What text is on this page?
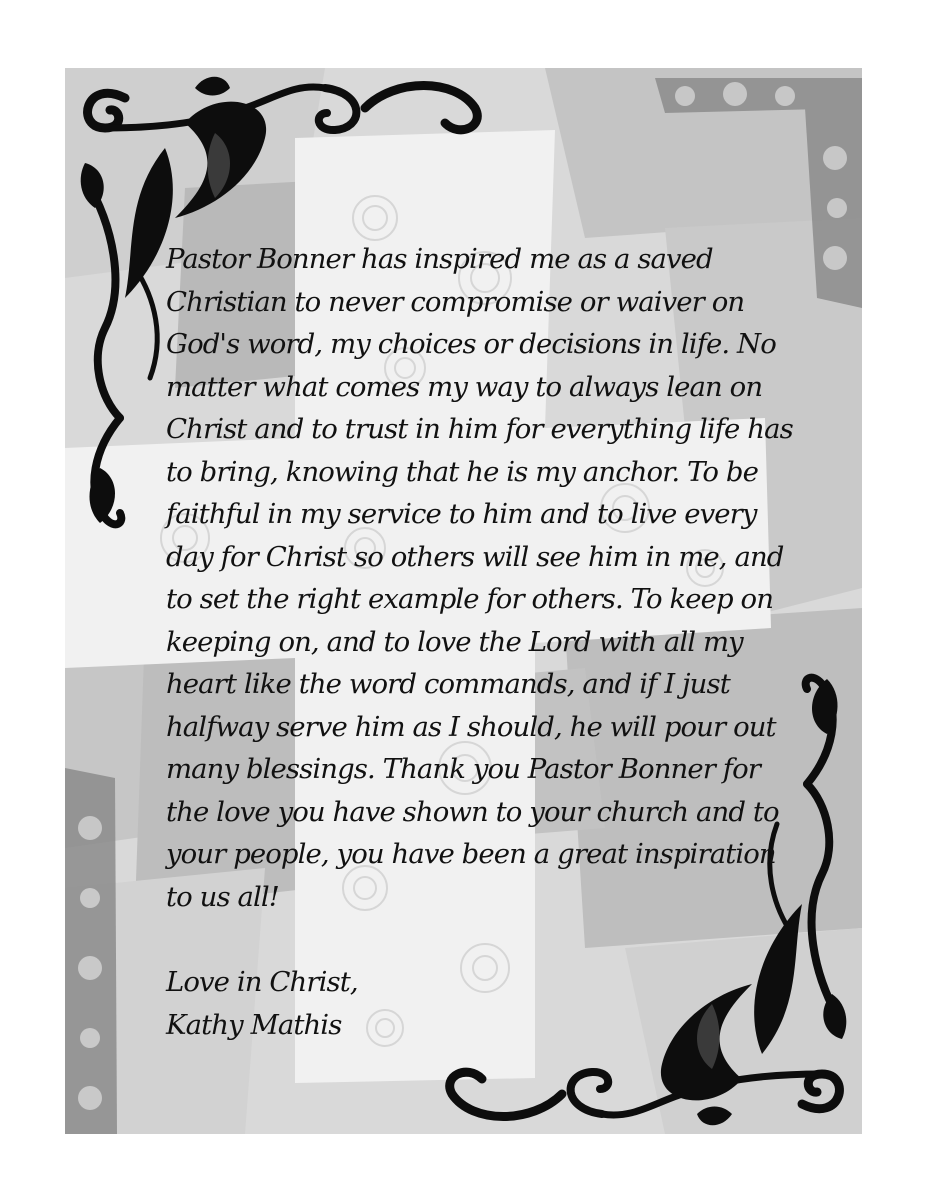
Pastor Bonner has inspired me as a saved
Christian to never compromise or waiver on
God's word, my choices or decisions in life. No
matter what comes my way to always lean on
Christ and to trust in him for everything life has
to bring, knowing that he is my anchor. To be
faithful in my service to him and to live every
day for Christ so others will see him in me, and
to set the right example for others. To keep on
keeping on, and to love the Lord with all my
heart like the word commands, and if I just
halfway serve him as I should, he will pour out
many blessings. Thank you Pastor Bonner for
the love you have shown to your church and to
your people, you have been a great inspiration
to us all!
Love in Christ,
Kathy Mathis
